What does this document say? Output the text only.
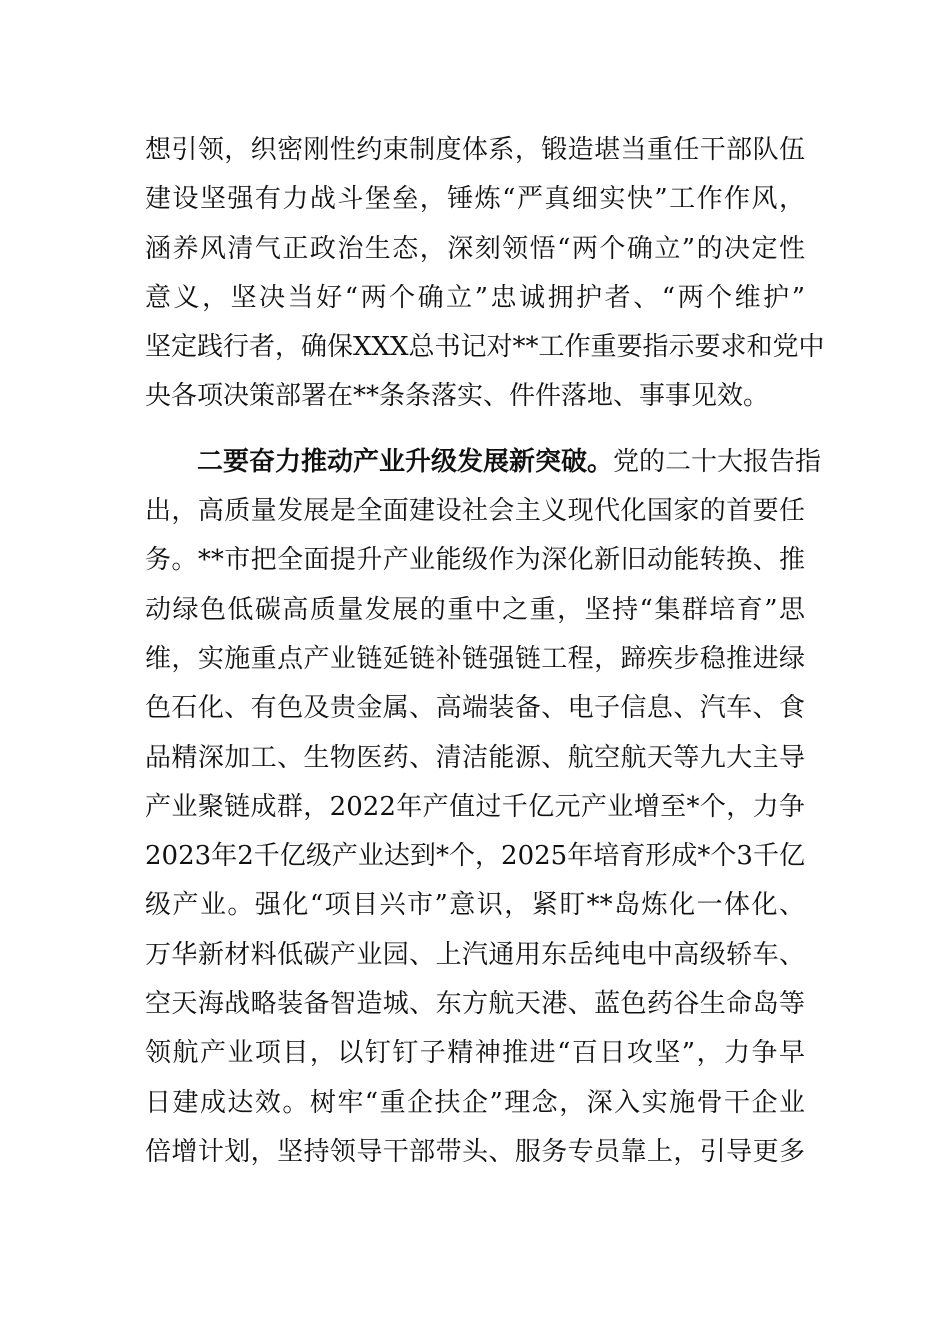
想引领，织密刚性约束制度体系，锻造堪当重任干部队伍
建设坚强有力战斗堡垒，锤炼“严真细实快”工作作风，
涵养风清气正政治生态，深刻领悟“两个确立”的决定性
意义，坚决当好“两个确立”忠诚拥护者、“两个维护”
坚定践行者，确保XXX总书记对**工作重要指示要求和党中
央各项决策部署在**条条落实、件件落地、事事见效。
二要奋力推动产业升级发展新突破。党的二十大报告指
出，高质量发展是全面建设社会主义现代化国家的首要任
务。**市把全面提升产业能级作为深化新旧动能转换、推
动绿色低碳高质量发展的重中之重，坚持“集群培育”思
维，实施重点产业链延链补链强链工程，蹄疾步稳推进绿
色石化、有色及贵金属、高端装备、电子信息、汽车、食
品精深加工、生物医药、清洁能源、航空航天等九大主导
产业聚链成群，2022年产值过千亿元产业增至*个，力争
2023年2千亿级产业达到*个，2025年培育形成*个3千亿
级产业。强化“项目兴市”意识，紧盯**岛炼化一体化、
万华新材料低碳产业园、上汽通用东岳纯电中高级轿车、
空天海战略装备智造城、东方航天港、蓝色药谷生命岛等
领航产业项目，以钉钉子精神推进“百日攻坚”，力争早
日建成达效。树牢“重企扶企”理念，深入实施骨干企业
倍增计划，坚持领导干部带头、服务专员靠上，引导更多
